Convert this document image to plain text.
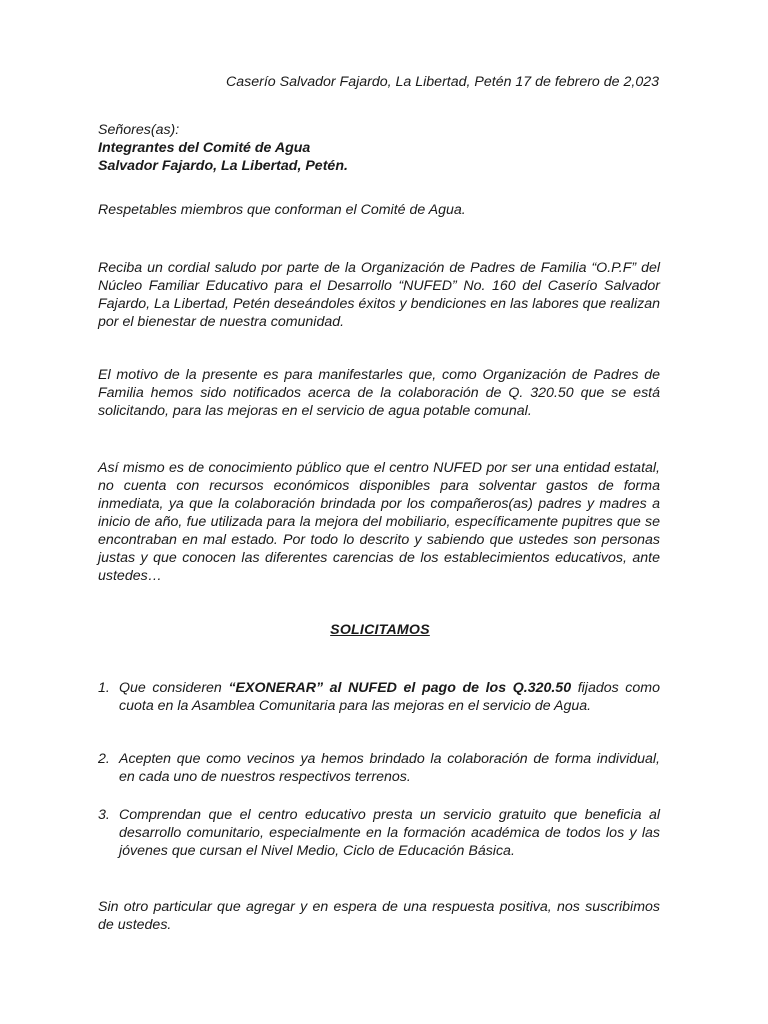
Caserío Salvador Fajardo, La Libertad, Petén 17 de febrero de 2,023
Señores(as):
Integrantes del Comité de Agua
Salvador Fajardo, La Libertad, Petén.
Respetables miembros que conforman el Comité de Agua.
Reciba un cordial saludo por parte de la Organización de Padres de Familia “O.P.F” del Núcleo Familiar Educativo para el Desarrollo “NUFED” No. 160 del Caserío Salvador Fajardo, La Libertad, Petén deseándoles éxitos y bendiciones en las labores que realizan por el bienestar de nuestra comunidad.
El motivo de la presente es para manifestarles que, como Organización de Padres de Familia hemos sido notificados acerca de la colaboración de Q. 320.50 que se está solicitando, para las mejoras en el servicio de agua potable comunal.
Así mismo es de conocimiento público que el centro NUFED por ser una entidad estatal, no cuenta con recursos económicos disponibles para solventar gastos de forma inmediata, ya que la colaboración brindada por los compañeros(as) padres y madres a inicio de año, fue utilizada para la mejora del mobiliario, específicamente pupitres que se encontraban en mal estado. Por todo lo descrito y sabiendo que ustedes son personas justas y que conocen las diferentes carencias de los establecimientos educativos, ante ustedes…
SOLICITAMOS
1. Que consideren “EXONERAR” al NUFED el pago de los Q.320.50 fijados como cuota en la Asamblea Comunitaria para las mejoras en el servicio de Agua.
2. Acepten que como vecinos ya hemos brindado la colaboración de forma individual, en cada uno de nuestros respectivos terrenos.
3. Comprendan que el centro educativo presta un servicio gratuito que beneficia al desarrollo comunitario, especialmente en la formación académica de todos los y las jóvenes que cursan el Nivel Medio, Ciclo de Educación Básica.
Sin otro particular que agregar y en espera de una respuesta positiva, nos suscribimos de ustedes.
